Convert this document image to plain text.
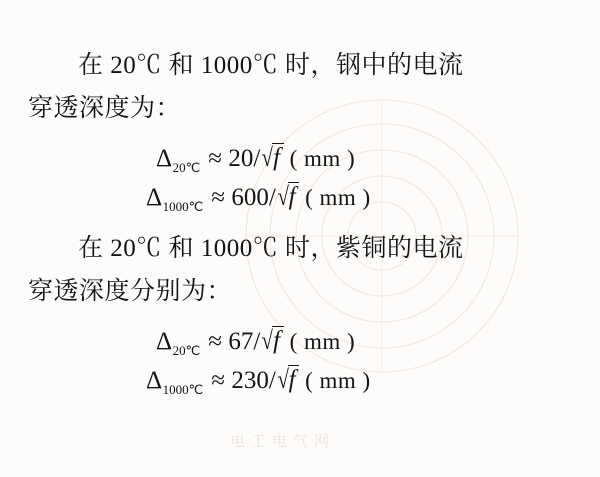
电工电气网

在 20℃ 和 1000℃ 时，钢中的电流

穿透深度为：

$\Delta_{20℃} \approx 20/√f$ ( mm )
$\Delta_{1000℃} \approx 600/√f$ ( mm )

在 20℃ 和 1000℃ 时，紫铜的电流

穿透深度分别为：

$\Delta_{20℃} \approx 67/√f$ ( mm )
$\Delta_{1000℃} \approx 230/√f$ ( mm )
